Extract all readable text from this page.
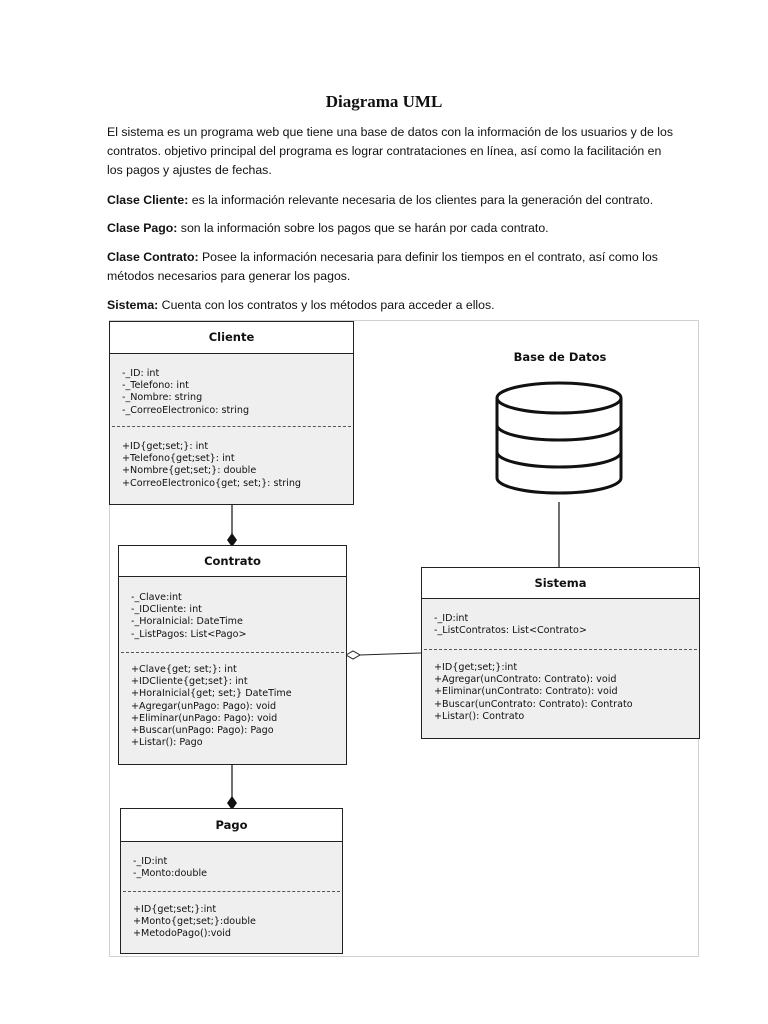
Diagrama UML
El sistema es un programa web que tiene una base de datos con la información de los usuarios y de los contratos. objetivo principal del programa es lograr contrataciones en línea, así como la facilitación en los pagos y ajustes de fechas.
Clase Cliente: es la información relevante necesaria de los clientes para la generación del contrato.
Clase Pago: son la información sobre los pagos que se harán por cada contrato.
Clase Contrato: Posee la información necesaria para definir los tiempos en el contrato, así como los métodos necesarios para generar los pagos.
Sistema: Cuenta con los contratos y los métodos para acceder a ellos.
Base de Datos
Cliente
-_ID: int
-_Telefono: int
-_Nombre: string
-_CorreoElectronico: string
+ID{get;set;}: int
+Telefono{get;set}: int
+Nombre{get;set;}: double
+CorreoElectronico{get; set;}: string
Contrato
-_Clave:int
-_IDCliente: int
-_HoraInicial: DateTime
-_ListPagos: List<Pago>
+Clave{get; set;}: int
+IDCliente{get;set}: int
+HoraInicial{get; set;} DateTime
+Agregar(unPago: Pago): void
+Eliminar(unPago: Pago): void
+Buscar(unPago: Pago): Pago
+Listar(): Pago
Sistema
-_ID:int
-_ListContratos: List<Contrato>
+ID{get;set;}:int
+Agregar(unContrato: Contrato): void
+Eliminar(unContrato: Contrato): void
+Buscar(unContrato: Contrato): Contrato
+Listar(): Contrato
Pago
-_ID:int
-_Monto:double
+ID{get;set;}:int
+Monto{get;set;}:double
+MetodoPago():void
